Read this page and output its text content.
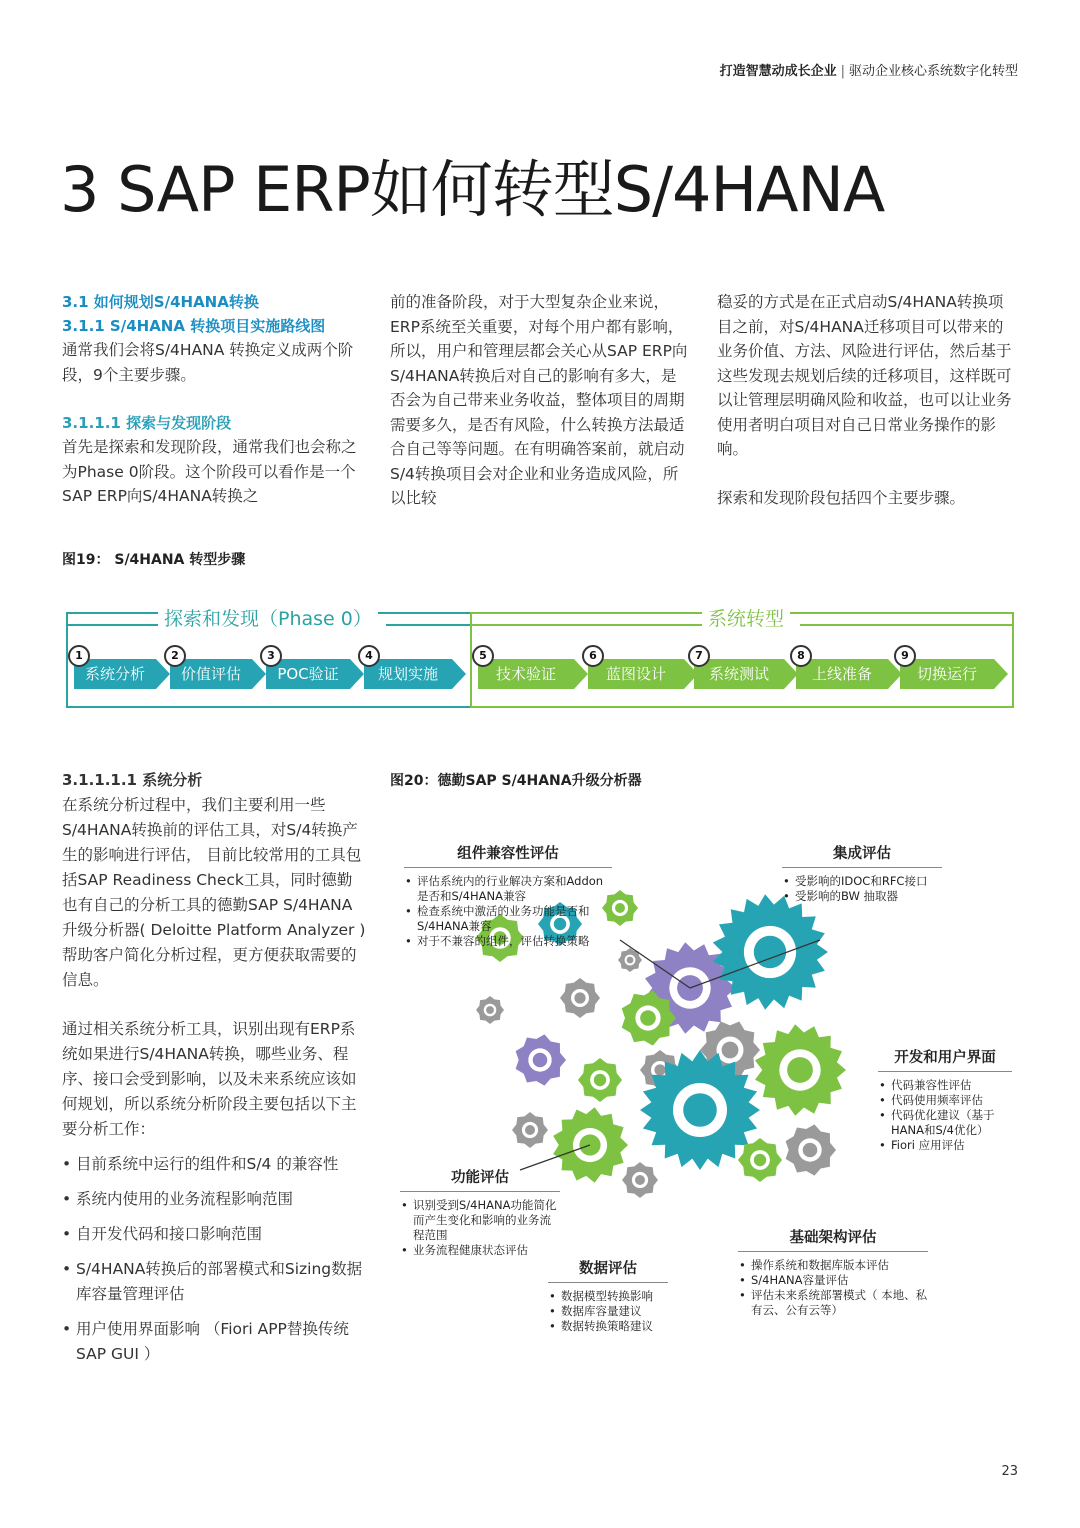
打造智慧动成长企业 | 驱动企业核心系统数字化转型
3 SAP ERP如何转型S/4HANA
3.1 如何规划S/4HANA转换
3.1.1 S/4HANA 转换项目实施路线图

通常我们会将S/4HANA 转换定义成两个阶段，9个主要步骤。

3.1.1.1 探索与发现阶段

首先是探索和发现阶段，通常我们也会称之为Phase 0阶段。这个阶段可以看作是一个SAP ERP向S/4HANA转换之

前的准备阶段，对于大型复杂企业来说，ERP系统至关重要，对每个用户都有影响，所以，用户和管理层都会关心从SAP ERP向S/4HANA转换后对自己的影响有多大，是否会为自己带来业务收益，整体项目的周期需要多久，是否有风险，什么转换方法最适合自己等等问题。在有明确答案前，就启动S/4转换项目会对企业和业务造成风险，所以比较

稳妥的方式是在正式启动S/4HANA转换项目之前，对S/4HANA迁移项目可以带来的业务价值、方法、风险进行评估，然后基于这些发现去规划后续的迁移项目，这样既可以让管理层明确风险和收益，也可以让业务使用者明白项目对自己日常业务操作的影响。

探索和发现阶段包括四个主要步骤。

图19： S/4HANA 转型步骤
探索和发现（Phase 0）	系统转型
1
系统分析
2
价值评估
3
POC验证
4
规划实施
5
技术验证
6
蓝图设计
7
系统测试
8
上线准备
9
切换运行
3.1.1.1.1 系统分析

在系统分析过程中，我们主要利用一些S/4HANA转换前的评估工具，对S/4转换产生的影响进行评估， 目前比较常用的工具包括SAP Readiness Check工具，同时德勤也有自己的分析工具的德勤SAP S/4HANA升级分析器( Deloitte Platform Analyzer )帮助客户简化分析过程，更方便获取需要的信息。

通过相关系统分析工具，识别出现有ERP系统如果进行S/4HANA转换，哪些业务、程序、接口会受到影响，以及未来系统应该如何规划，所以系统分析阶段主要包括以下主要分析工作：

• 目前系统中运行的组件和S/4 的兼容性
• 系统内使用的业务流程影响范围
• 自开发代码和接口影响范围
• S/4HANA转换后的部署模式和Sizing数据库容量管理评估
• 用户使用界面影响 （Fiori APP替换传统SAP GUI ）
图20：德勤SAP S/4HANA升级分析器
组件兼容性评估
• 评估系统内的行业解决方案和Addon是否和S/4HANA兼容
• 检查系统中激活的业务功能是否和S/4HANA兼容
• 对于不兼容的组件，评估转换策略
集成评估
• 受影响的IDOC和RFC接口
• 受影响的BW 抽取器
开发和用户界面
• 代码兼容性评估
• 代码使用频率评估
• 代码优化建议（基于HANA和S/4优化）
• Fiori 应用评估
功能评估
• 识别受到S/4HANA功能简化而产生变化和影响的业务流程范围
• 业务流程健康状态评估
数据评估
• 数据模型转换影响
• 数据库容量建议
• 数据转换策略建议
基础架构评估
• 操作系统和数据库版本评估
• S/4HANA容量评估
• 评估未来系统部署模式（ 本地、私有云、公有云等）
23
